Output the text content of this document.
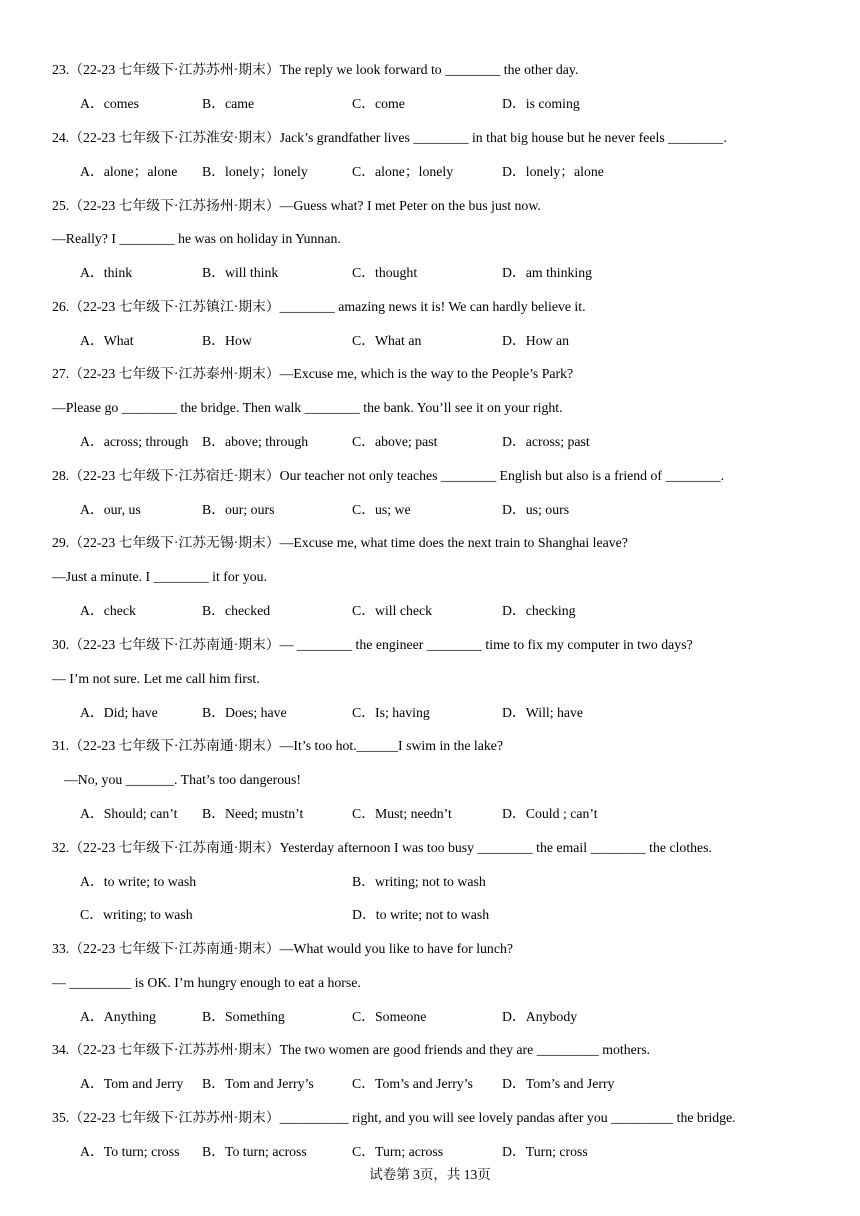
23.（22-23 七年级下·江苏苏州·期末）The reply we look forward to ________ the other day.
A．comes	B．came	C．come	D．is coming
24.（22-23 七年级下·江苏淮安·期末）Jack’s grandfather lives ________ in that big house but he never feels ________.
A．alone；alone B．lonely；lonely	C．alone；lonely	D．lonely；alone
25.（22-23 七年级下·江苏扬州·期末）—Guess what? I met Peter on the bus just now.
—Really? I ________ he was on holiday in Yunnan.
A．think	B．will think	C．thought	D．am thinking
26.（22-23 七年级下·江苏镇江·期末）________ amazing news it is! We can hardly believe it.
A．What	B．How	C．What an	D．How an
27.（22-23 七年级下·江苏泰州·期末）—Excuse me, which is the way to the People’s Park?
—Please go ________ the bridge. Then walk ________ the bank. You’ll see it on your right.
A．across; through B．above; through	C．above; past	D．across; past
28.（22-23 七年级下·江苏宿迁·期末）Our teacher not only teaches ________ English but also is a friend of ________.
A．our, us	B．our; ours	C．us; we	D．us; ours
29.（22-23 七年级下·江苏无锡·期末）—Excuse me, what time does the next train to Shanghai leave?
—Just a minute. I ________ it for you.
A．check	B．checked	C．will check	D．checking
30.（22-23 七年级下·江苏南通·期末）— ________ the engineer ________ time to fix my computer in two days?
— I’m not sure. Let me call him first.
A．Did; have	B．Does; have	C．Is; having	D．Will; have
31.（22-23 七年级下·江苏南通·期末）—It’s too hot.______I swim in the lake?
—No, you _______. That’s too dangerous!
A．Should; can’t B．Need; mustn’t	C．Must; needn’t	D．Could ; can’t
32.（22-23 七年级下·江苏南通·期末）Yesterday afternoon I was too busy ________ the email ________ the clothes.
A．to write; to wash	B．writing; not to wash
C．writing; to wash	D．to write; not to wash
33.（22-23 七年级下·江苏南通·期末）—What would you like to have for lunch?
— _________ is OK. I’m hungry enough to eat a horse.
A．Anything	B．Something	C．Someone	D．Anybody
34.（22-23 七年级下·江苏苏州·期末）The two women are good friends and they are _________ mothers.
A．Tom and Jerry B．Tom and Jerry’s	C．Tom’s and Jerry’s D．Tom’s and Jerry
35.（22-23 七年级下·江苏苏州·期末）__________ right, and you will see lovely pandas after you _________ the bridge.
A．To turn; cross B．To turn; across	C．Turn; across	D．Turn; cross
试卷第 3页，共 13页
